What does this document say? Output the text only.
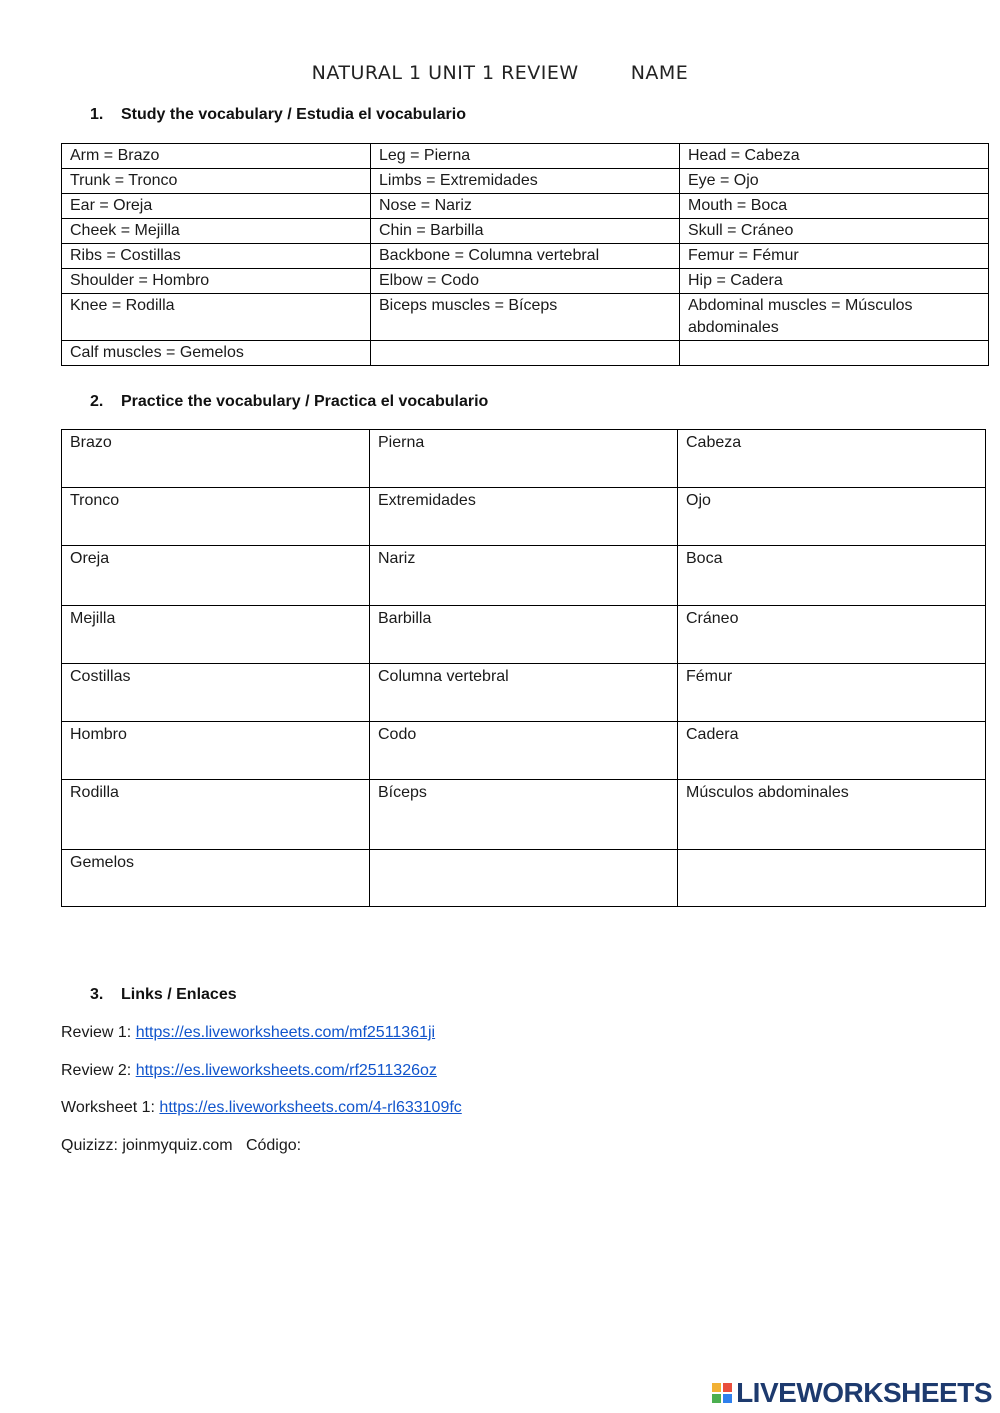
NATURAL 1 UNIT 1 REVIEW	NAME
1. Study the vocabulary / Estudia el vocabulario
Arm = Brazo	Leg = Pierna	Head = Cabeza
Trunk = Tronco	Limbs = Extremidades	Eye = Ojo
Ear = Oreja	Nose = Nariz	Mouth = Boca
Cheek = Mejilla	Chin = Barbilla	Skull = Cráneo
Ribs = Costillas	Backbone = Columna vertebral	Femur = Fémur
Shoulder = Hombro	Elbow = Codo	Hip = Cadera
Knee = Rodilla	Biceps muscles = Bíceps	Abdominal muscles = Músculos abdominales
Calf muscles = Gemelos		
2. Practice the vocabulary / Practica el vocabulario
Brazo	Pierna	Cabeza
Tronco	Extremidades	Ojo
Oreja	Nariz	Boca
Mejilla	Barbilla	Cráneo
Costillas	Columna vertebral	Fémur
Hombro	Codo	Cadera
Rodilla	Bíceps	Músculos abdominales
Gemelos		
3. Links / Enlaces
Review 1: https://es.liveworksheets.com/mf2511361ji
Review 2: https://es.liveworksheets.com/rf2511326oz
Worksheet 1: https://es.liveworksheets.com/4-rl633109fc
Quizizz: joinmyquiz.com   Código:
LIVEWORKSHEETS
